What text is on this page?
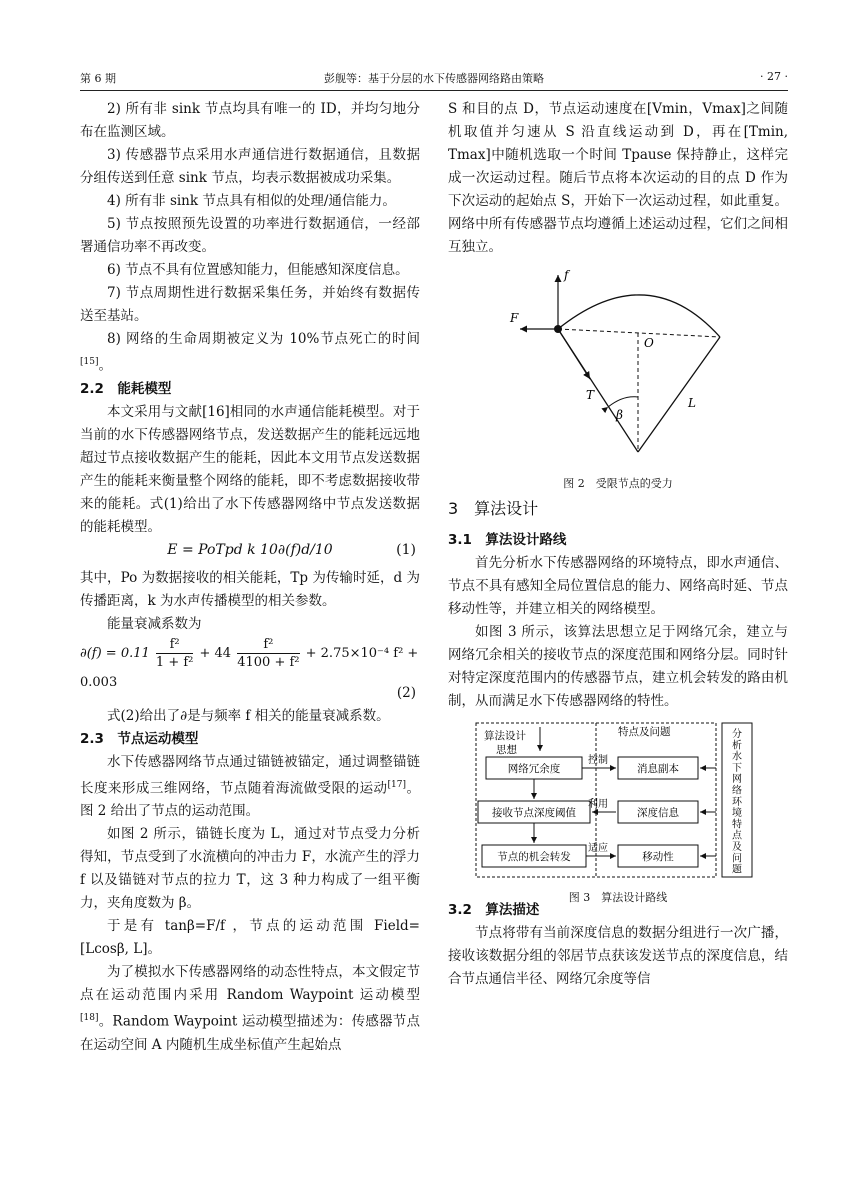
第 6 期	彭舰等：基于分层的水下传感器网络路由策略	· 27 ·

2) 所有非 sink 节点均具有唯一的 ID，并均匀地分布在监测区域。

3) 传感器节点采用水声通信进行数据通信，且数据分组传送到任意 sink 节点，均表示数据被成功采集。

4) 所有非 sink 节点具有相似的处理/通信能力。

5) 节点按照预先设置的功率进行数据通信，一经部署通信功率不再改变。

6) 节点不具有位置感知能力，但能感知深度信息。

7) 节点周期性进行数据采集任务，并始终有数据传送至基站。

8) 网络的生命周期被定义为 10%节点死亡的时间[15]。

2.2　能耗模型

本文采用与文献[16]相同的水声通信能耗模型。对于当前的水下传感器网络节点，发送数据产生的能耗远远地超过节点接收数据产生的能耗，因此本文用节点发送数据产生的能耗来衡量整个网络的能耗，即不考虑数据接收带来的能耗。式(1)给出了水下传感器网络中节点发送数据的能耗模型。

E = PoTpd k 10∂(f)d/10	(1)

其中，Po 为数据接收的相关能耗，Tp 为传输时延，d 为传播距离，k 为水声传播模型的相关参数。

能量衰减系数为

$\partial(f) = 0.11 \frac{\text{f²}}{\text{1 + f²}} + 44 \frac{\text{f²}}{\text{4100 + f²}} + 2.75\times 10^{-4}$ f² + 0.003
(2)

式(2)给出了∂是与频率 f 相关的能量衰减系数。

2.3　节点运动模型

水下传感器网络节点通过锚链被锚定，通过调整锚链长度来形成三维网络，节点随着海流做受限的运动[17]。图 2 给出了节点的运动范围。

如图 2 所示，锚链长度为 L，通过对节点受力分析得知，节点受到了水流横向的冲击力 F，水流产生的浮力 f 以及锚链对节点的拉力 T，这 3 种力构成了一组平衡力，夹角度数为 β。

于是有 tanβ=F/f ，节点的运动范围 Field=[Lcosβ, L]。

为了模拟水下传感器网络的动态性特点，本文假定节点在运动范围内采用 Random Waypoint 运动模型[18]。Random Waypoint 运动模型描述为：传感器节点在运动空间 A 内随机生成坐标值产生起始点

S 和目的点 D，节点运动速度在[Vmin，Vmax]之间随机取值并匀速从 S 沿直线运动到 D，再在[Tmin, Tmax]中随机选取一个时间 Tpause 保持静止，这样完成一次运动过程。随后节点将本次运动的目的点 D 作为下次运动的起始点 S，开始下一次运动过程，如此重复。网络中所有传感器节点均遵循上述运动过程，它们之间相互独立。

f
F
O
T
β
L
图 2　受限节点的受力
3　算法设计
3.1　算法设计路线

首先分析水下传感器网络的环境特点，即水声通信、节点不具有感知全局位置信息的能力、网络高时延、节点移动性等，并建立相关的网络模型。

如图 3 所示，该算法思想立足于网络冗余，建立与网络冗余相关的接收节点的深度范围和网络分层。同时针对特定深度范围内的传感器节点，建立机会转发的路由机制，从而满足水下传感器网络的特性。

算法设计
思想
特点及问题
网络冗余度
接收节点深度阈值
节点的机会转发
消息副本
深度信息
移动性
控制
利用
适应
分
析
水
下
网
络
环
境
特
点
及
问
题
图 3　算法设计路线
3.2　算法描述

节点将带有当前深度信息的数据分组进行一次广播，接收该数据分组的邻居节点获该发送节点的深度信息，结合节点通信半径、网络冗余度等信
